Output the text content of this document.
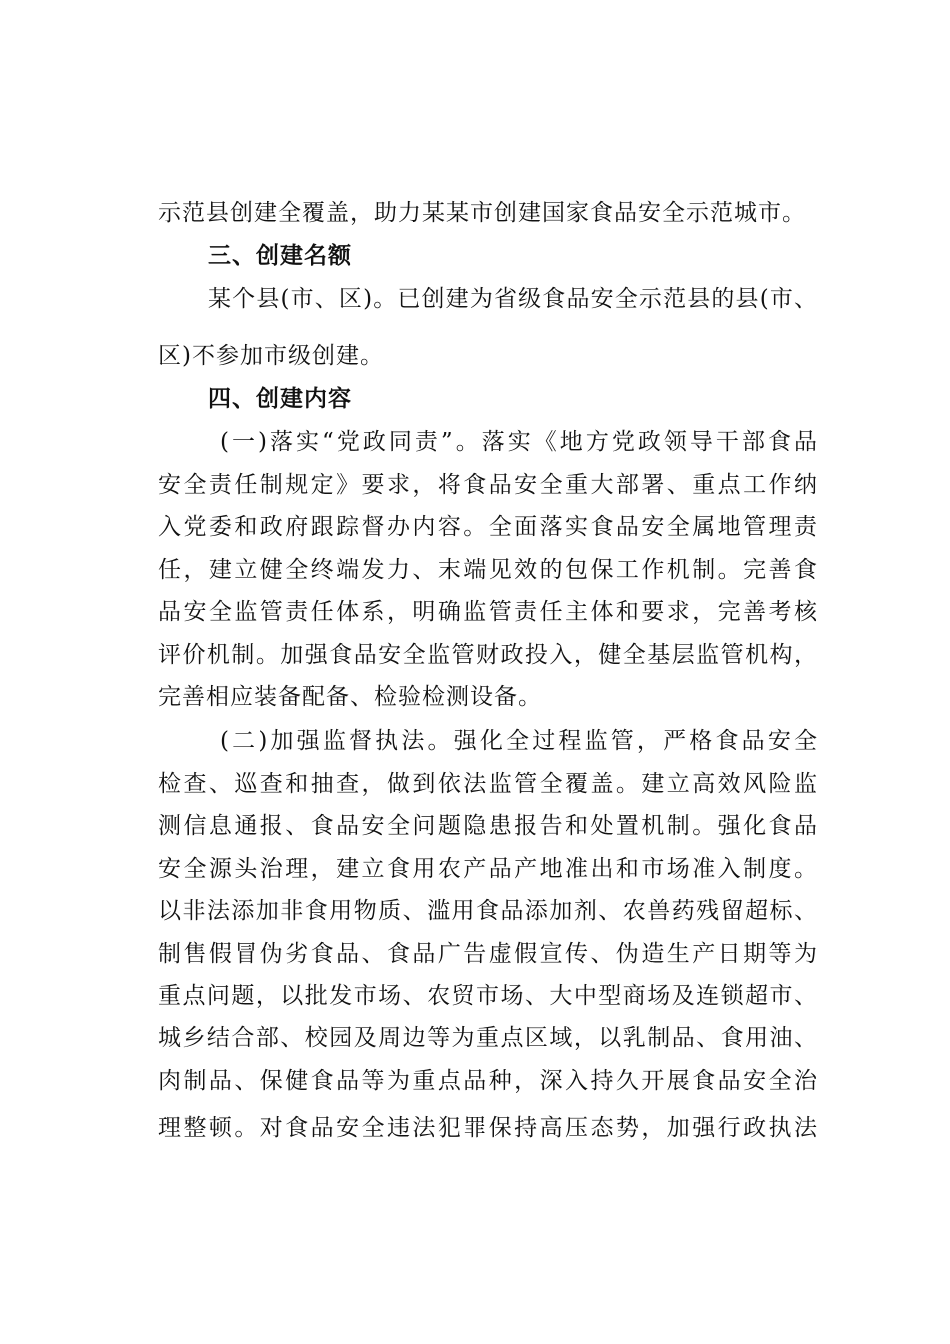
示范县创建全覆盖，助力某某市创建国家食品安全示范城市。
三、创建名额
某个县(市、区)。已创建为省级食品安全示范县的县(市、
区)不参加市级创建。
四、创建内容
(一)落实“党政同责”。落实《地方党政领导干部食品
安全责任制规定》要求，将食品安全重大部署、重点工作纳
入党委和政府跟踪督办内容。全面落实食品安全属地管理责
任，建立健全终端发力、末端见效的包保工作机制。完善食
品安全监管责任体系，明确监管责任主体和要求，完善考核
评价机制。加强食品安全监管财政投入，健全基层监管机构，
完善相应装备配备、检验检测设备。
(二)加强监督执法。强化全过程监管，严格食品安全
检查、巡查和抽查，做到依法监管全覆盖。建立高效风险监
测信息通报、食品安全问题隐患报告和处置机制。强化食品
安全源头治理，建立食用农产品产地准出和市场准入制度。
以非法添加非食用物质、滥用食品添加剂、农兽药残留超标、
制售假冒伪劣食品、食品广告虚假宣传、伪造生产日期等为
重点问题，以批发市场、农贸市场、大中型商场及连锁超市、
城乡结合部、校园及周边等为重点区域，以乳制品、食用油、
肉制品、保健食品等为重点品种，深入持久开展食品安全治
理整顿。对食品安全违法犯罪保持高压态势，加强行政执法
